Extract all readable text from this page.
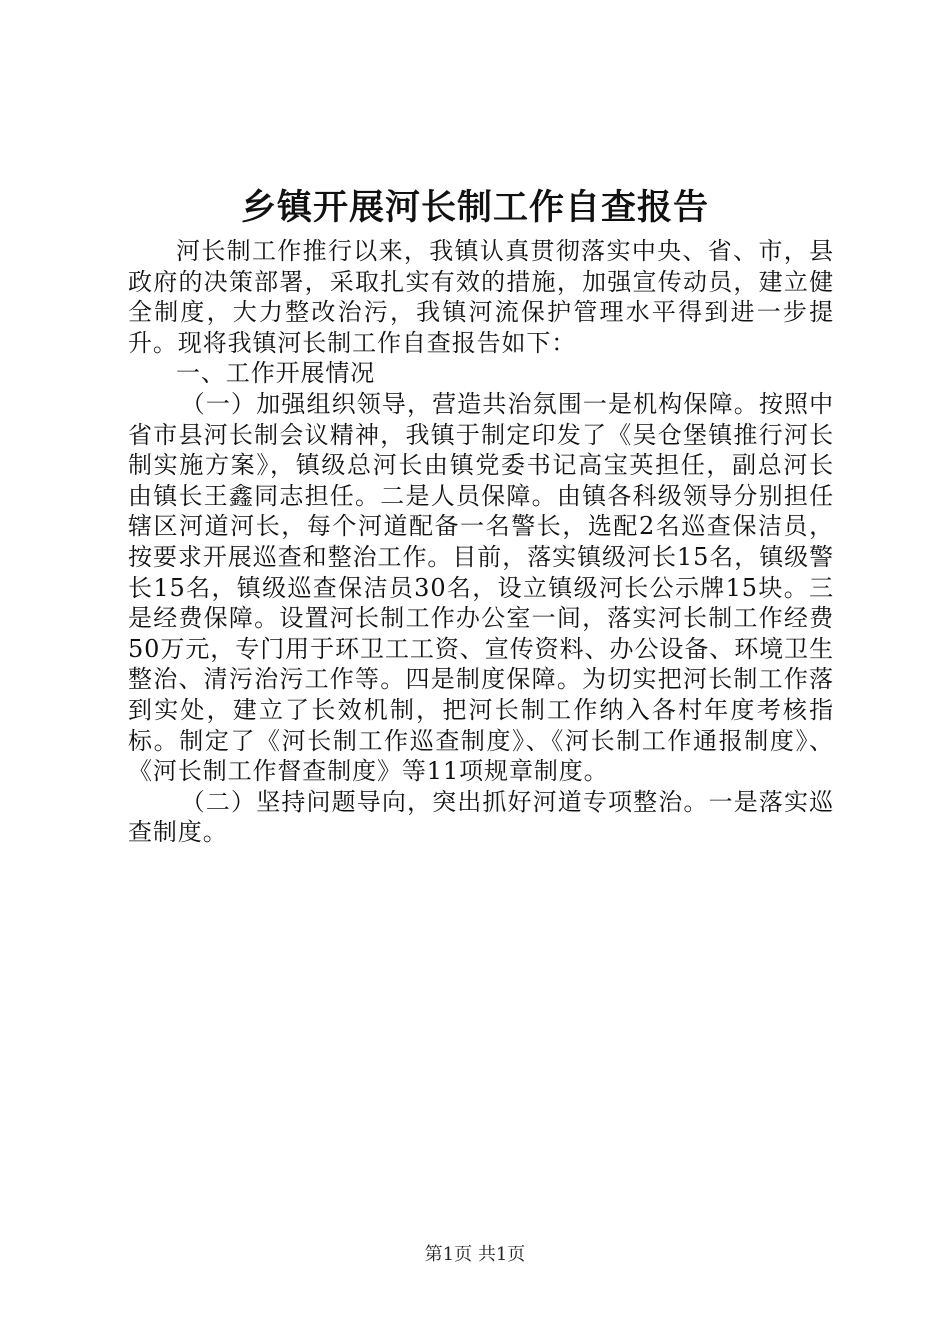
乡镇开展河长制工作自查报告

河长制工作推行以来，我镇认真贯彻落实中央、省、市，县政府的决策部署，采取扎实有效的措施，加强宣传动员，建立健全制度，大力整改治污，我镇河流保护管理水平得到进一步提升。现将我镇河长制工作自查报告如下：

一、工作开展情况

（一）加强组织领导，营造共治氛围一是机构保障。按照中省市县河长制会议精神，我镇于制定印发了《吴仓堡镇推行河长制实施方案》，镇级总河长由镇党委书记高宝英担任，副总河长由镇长王鑫同志担任。二是人员保障。由镇各科级领导分别担任辖区河道河长，每个河道配备一名警长，选配2名巡查保洁员，按要求开展巡查和整治工作。目前，落实镇级河长15名，镇级警长15名，镇级巡查保洁员30名，设立镇级河长公示牌15块。三是经费保障。设置河长制工作办公室一间，落实河长制工作经费50万元，专门用于环卫工工资、宣传资料、办公设备、环境卫生整治、清污治污工作等。四是制度保障。为切实把河长制工作落到实处，建立了长效机制，把河长制工作纳入各村年度考核指标。制定了《河长制工作巡查制度》、《河长制工作通报制度》、《河长制工作督查制度》等11项规章制度。

（二）坚持问题导向，突出抓好河道专项整治。一是落实巡查制度。

第1页 共1页
